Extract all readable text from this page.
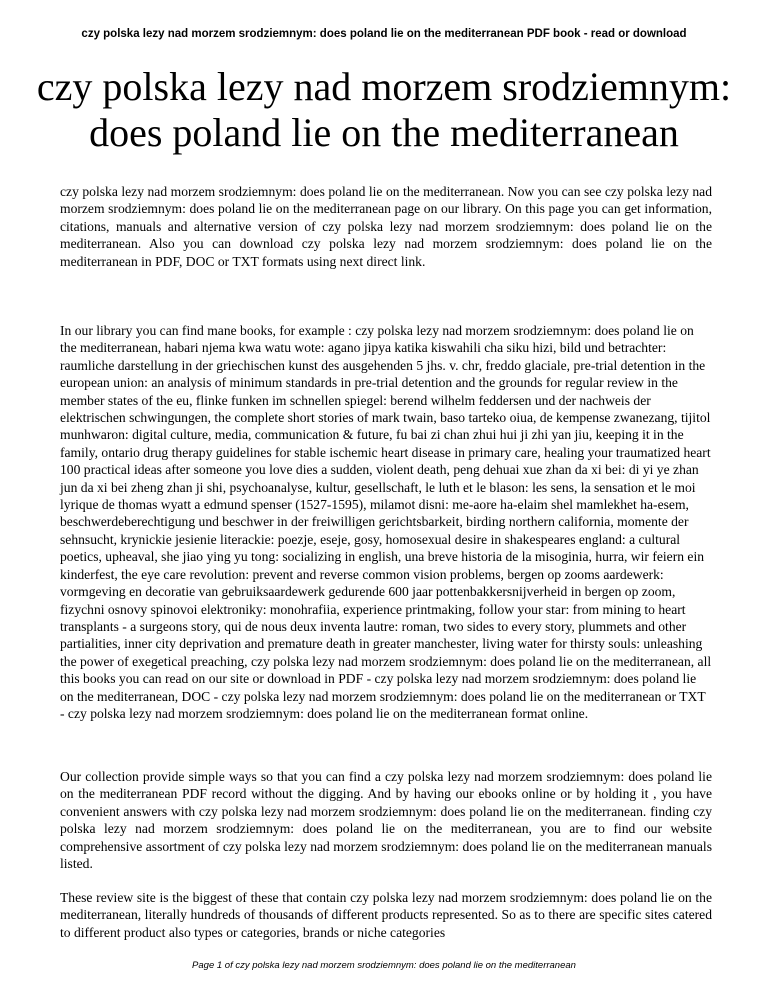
czy polska lezy nad morzem srodziemnym: does poland lie on the mediterranean PDF book - read or download
czy polska lezy nad morzem srodziemnym:
does poland lie on the mediterranean

czy polska lezy nad morzem srodziemnym: does poland lie on the mediterranean. Now you can see czy polska lezy nad morzem srodziemnym: does poland lie on the mediterranean page on our library. On this page you can get information, citations, manuals and alternative version of czy polska lezy nad morzem srodziemnym: does poland lie on the mediterranean. Also you can download czy polska lezy nad morzem srodziemnym: does poland lie on the mediterranean in PDF, DOC or TXT formats using next direct link.

In our library you can find mane books, for example : czy polska lezy nad morzem srodziemnym: does poland lie on the mediterranean, habari njema kwa watu wote: agano jipya katika kiswahili cha siku hizi, bild und betrachter: raumliche darstellung in der griechischen kunst des ausgehenden 5 jhs. v. chr, freddo glaciale, pre-trial detention in the european union: an analysis of minimum standards in pre-trial detention and the grounds for regular review in the member states of the eu, flinke funken im schnellen spiegel: berend wilhelm feddersen und der nachweis der elektrischen schwingungen, the complete short stories of mark twain, baso tarteko oiua, de kempense zwanezang, tijitol munhwaron: digital culture, media, communication & future, fu bai zi chan zhui hui ji zhi yan jiu, keeping it in the family, ontario drug therapy guidelines for stable ischemic heart disease in primary care, healing your traumatized heart 100 practical ideas after someone you love dies a sudden, violent death, peng dehuai xue zhan da xi bei: di yi ye zhan jun da xi bei zheng zhan ji shi, psychoanalyse, kultur, gesellschaft, le luth et le blason: les sens, la sensation et le moi lyrique de thomas wyatt a edmund spenser (1527-1595), milamot disni: me-aore ha-elaim shel mamlekhet ha-esem, beschwerdeberechtigung und beschwer in der freiwilligen gerichtsbarkeit, birding northern california, momente der sehnsucht, krynickie jesienie literackie: poezje, eseje, gosy, homosexual desire in shakespeares england: a cultural poetics, upheaval, she jiao ying yu tong: socializing in english, una breve historia de la misoginia, hurra, wir feiern ein kinderfest, the eye care revolution: prevent and reverse common vision problems, bergen op zooms aardewerk: vormgeving en decoratie van gebruiksaardewerk gedurende 600 jaar pottenbakkersnijverheid in bergen op zoom, fizychni osnovy spinovoi elektroniky: monohrafiia, experience printmaking, follow your star: from mining to heart transplants - a surgeons story, qui de nous deux inventa lautre: roman, two sides to every story, plummets and other partialities, inner city deprivation and premature death in greater manchester, living water for thirsty souls: unleashing the power of exegetical preaching, czy polska lezy nad morzem srodziemnym: does poland lie on the mediterranean, all this books you can read on our site or download in PDF - czy polska lezy nad morzem srodziemnym: does poland lie on the mediterranean, DOC - czy polska lezy nad morzem srodziemnym: does poland lie on the mediterranean or TXT - czy polska lezy nad morzem srodziemnym: does poland lie on the mediterranean format online.

Our collection provide simple ways so that you can find a czy polska lezy nad morzem srodziemnym: does poland lie on the mediterranean PDF record without the digging. And by having our ebooks online or by holding it , you have convenient answers with czy polska lezy nad morzem srodziemnym: does poland lie on the mediterranean. finding czy polska lezy nad morzem srodziemnym: does poland lie on the mediterranean, you are to find our website comprehensive assortment of czy polska lezy nad morzem srodziemnym: does poland lie on the mediterranean manuals listed.

These review site is the biggest of these that contain czy polska lezy nad morzem srodziemnym: does poland lie on the mediterranean, literally hundreds of thousands of different products represented. So as to there are specific sites catered to different product also types or categories, brands or niche categories

Page 1 of czy polska lezy nad morzem srodziemnym: does poland lie on the mediterranean
